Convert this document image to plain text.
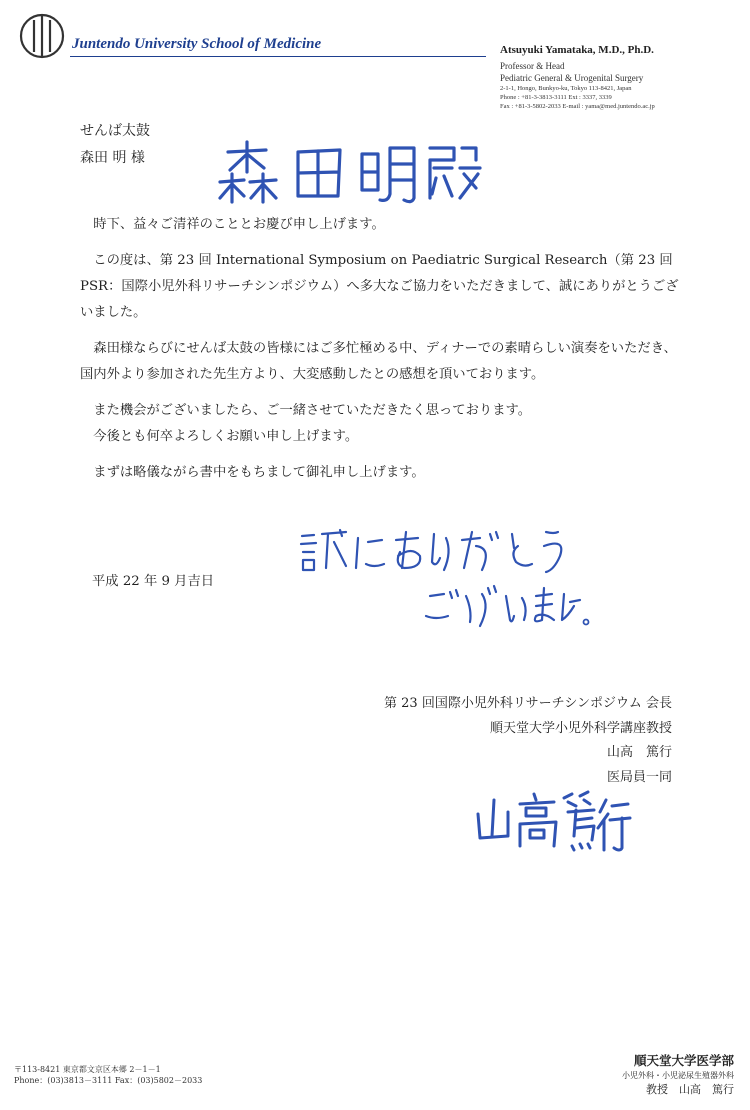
Juntendo University School of Medicine	Atsuyuki Yamataka, M.D., Ph.D.
Professor & Head
Pediatric General & Urogenital Surgery
2-1-1, Hongo, Bunkyo-ku, Tokyo 113-8421, Japan
Phone : +81-3-3813-3111 Ext : 3337, 3339
Fax : +81-3-5802-2033 E-mail : yama@med.juntendo.ac.jp
せんば太鼓
森田 明 様

時下、益々ご清祥のこととお慶び申し上げます。

この度は、第 23 回 International Symposium on Paediatric Surgical Research（第 23 回 PSR：国際小児外科リサーチシンポジウム）へ多大なご協力をいただきまして、誠にありがとうございました。

森田様ならびにせんば太鼓の皆様にはご多忙極める中、ディナーでの素晴らしい演奏をいただき、国内外より参加された先生方より、大変感動したとの感想を頂いております。

また機会がございましたら、ご一緒させていただきたく思っております。

今後とも何卒よろしくお願い申し上げます。

まずは略儀ながら書中をもちまして御礼申し上げます。

平成 22 年 9 月吉日
第 23 回国際小児外科リサーチシンポジウム 会長
順天堂大学小児外科学講座教授
山高　篤行
医局員一同
〒113-8421 東京都文京区本郷 2－1－1
Phone：(03)3813－3111 Fax：(03)5802－2033
順天堂大学医学部
小児外科・小児泌尿生殖器外科
教授　山高　篤行
